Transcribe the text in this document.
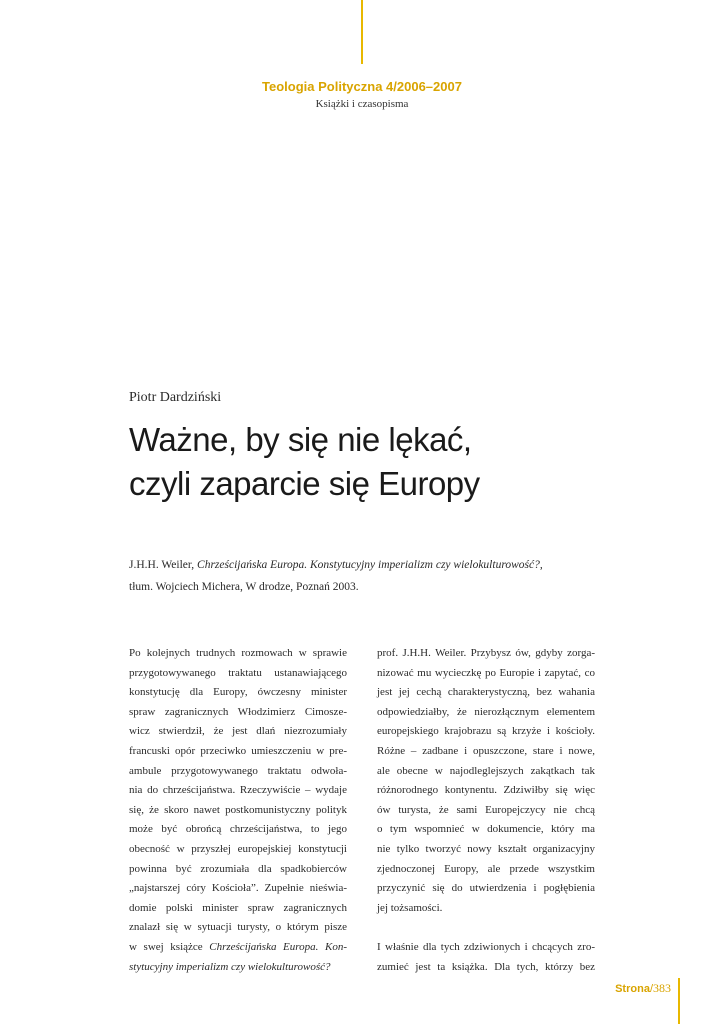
Teologia Polityczna 4/2006–2007
Książki i czasopisma
Piotr Dardziński
Ważne, by się nie lękać,
czyli zaparcie się Europy
J.H.H. Weiler, Chrześcijańska Europa. Konstytucyjny imperializm czy wielokulturowość?,
tłum. Wojciech Michera, W drodze, Poznań 2003.
Po kolejnych trudnych rozmowach w sprawie
przygotowywanego traktatu ustanawiającego
konstytucję dla Europy, ówczesny minister
spraw zagranicznych Włodzimierz Cimosze-
wicz stwierdził, że jest dlań niezrozumiały
francuski opór przeciwko umieszczeniu w pre-
ambule przygotowywanego traktatu odwoła-
nia do chrześcijaństwa. Rzeczywiście – wydaje
się, że skoro nawet postkomunistyczny polityk
może być obrońcą chrześcijaństwa, to jego
obecność w przyszłej europejskiej konstytucji
powinna być zrozumiała dla spadkobierców
„najstarszej córy Kościoła”. Zupełnie nieświa-
domie polski minister spraw zagranicznych
znalazł się w sytuacji turysty, o którym pisze
w swej książce Chrześcijańska Europa. Kon-
stytucyjny imperializm czy wielokulturowość?
prof. J.H.H. Weiler. Przybysz ów, gdyby zorga-
nizować mu wycieczkę po Europie i zapytać, co
jest jej cechą charakterystyczną, bez wahania
odpowiedziałby, że nierozłącznym elementem
europejskiego krajobrazu są krzyże i kościoły.
Różne – zadbane i opuszczone, stare i nowe,
ale obecne w najodleglejszych zakątkach tak
różnorodnego kontynentu. Zdziwiłby się więc
ów turysta, że sami Europejczycy nie chcą
o tym wspomnieć w dokumencie, który ma
nie tylko tworzyć nowy kształt organizacyjny
zjednoczonej Europy, ale przede wszystkim
przyczynić się do utwierdzenia i pogłębienia
jej tożsamości.
I właśnie dla tych zdziwionych i chcących zro-
zumieć jest ta książka. Dla tych, którzy bez
Strona/383
